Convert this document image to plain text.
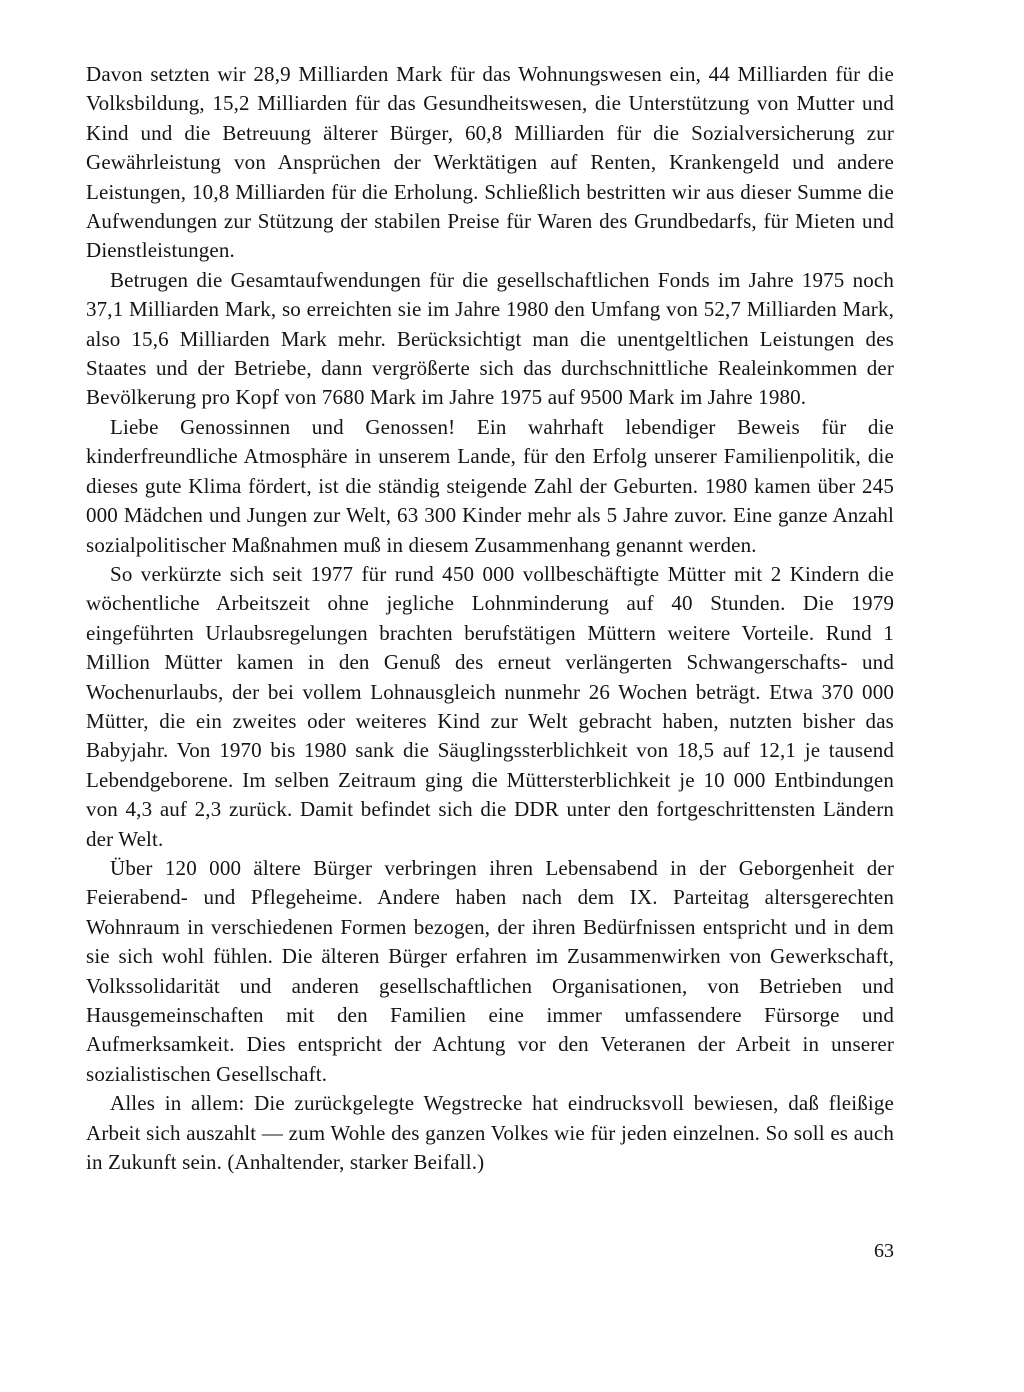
Davon setzten wir 28,9 Milliarden Mark für das Wohnungswesen ein, 44 Milliarden für die Volksbildung, 15,2 Milliarden für das Gesundheitswesen, die Unterstützung von Mutter und Kind und die Betreuung älterer Bürger, 60,8 Milliarden für die Sozialversicherung zur Gewährleistung von Ansprüchen der Werktätigen auf Renten, Krankengeld und andere Leistungen, 10,8 Milliarden für die Erholung. Schließlich bestritten wir aus dieser Summe die Aufwendungen zur Stützung der stabilen Preise für Waren des Grundbedarfs, für Mieten und Dienstleistungen.

Betrugen die Gesamtaufwendungen für die gesellschaftlichen Fonds im Jahre 1975 noch 37,1 Milliarden Mark, so erreichten sie im Jahre 1980 den Umfang von 52,7 Milliarden Mark, also 15,6 Milliarden Mark mehr. Berücksichtigt man die unentgeltlichen Leistungen des Staates und der Betriebe, dann vergrößerte sich das durchschnittliche Realeinkommen der Bevölkerung pro Kopf von 7680 Mark im Jahre 1975 auf 9500 Mark im Jahre 1980.

Liebe Genossinnen und Genossen! Ein wahrhaft lebendiger Beweis für die kinderfreundliche Atmosphäre in unserem Lande, für den Erfolg unserer Familienpolitik, die dieses gute Klima fördert, ist die ständig steigende Zahl der Geburten. 1980 kamen über 245 000 Mädchen und Jungen zur Welt, 63 300 Kinder mehr als 5 Jahre zuvor. Eine ganze Anzahl sozialpolitischer Maßnahmen muß in diesem Zusammenhang genannt werden.

So verkürzte sich seit 1977 für rund 450 000 vollbeschäftigte Mütter mit 2 Kindern die wöchentliche Arbeitszeit ohne jegliche Lohnminderung auf 40 Stunden. Die 1979 eingeführten Urlaubsregelungen brachten berufstätigen Müttern weitere Vorteile. Rund 1 Million Mütter kamen in den Genuß des erneut verlängerten Schwangerschafts- und Wochenurlaubs, der bei vollem Lohnausgleich nunmehr 26 Wochen beträgt. Etwa 370 000 Mütter, die ein zweites oder weiteres Kind zur Welt gebracht haben, nutzten bisher das Babyjahr. Von 1970 bis 1980 sank die Säuglingssterblichkeit von 18,5 auf 12,1 je tausend Lebendgeborene. Im selben Zeitraum ging die Müttersterblichkeit je 10 000 Entbindungen von 4,3 auf 2,3 zurück. Damit befindet sich die DDR unter den fortgeschrittensten Ländern der Welt.

Über 120 000 ältere Bürger verbringen ihren Lebensabend in der Geborgenheit der Feierabend- und Pflegeheime. Andere haben nach dem IX. Parteitag altersgerechten Wohnraum in verschiedenen Formen bezogen, der ihren Bedürfnissen entspricht und in dem sie sich wohl fühlen. Die älteren Bürger erfahren im Zusammenwirken von Gewerkschaft, Volkssolidarität und anderen gesellschaftlichen Organisationen, von Betrieben und Hausgemeinschaften mit den Familien eine immer umfassendere Fürsorge und Aufmerksamkeit. Dies entspricht der Achtung vor den Veteranen der Arbeit in unserer sozialistischen Gesellschaft.

Alles in allem: Die zurückgelegte Wegstrecke hat eindrucksvoll bewiesen, daß fleißige Arbeit sich auszahlt — zum Wohle des ganzen Volkes wie für jeden einzelnen. So soll es auch in Zukunft sein. (Anhaltender, starker Beifall.)

63
